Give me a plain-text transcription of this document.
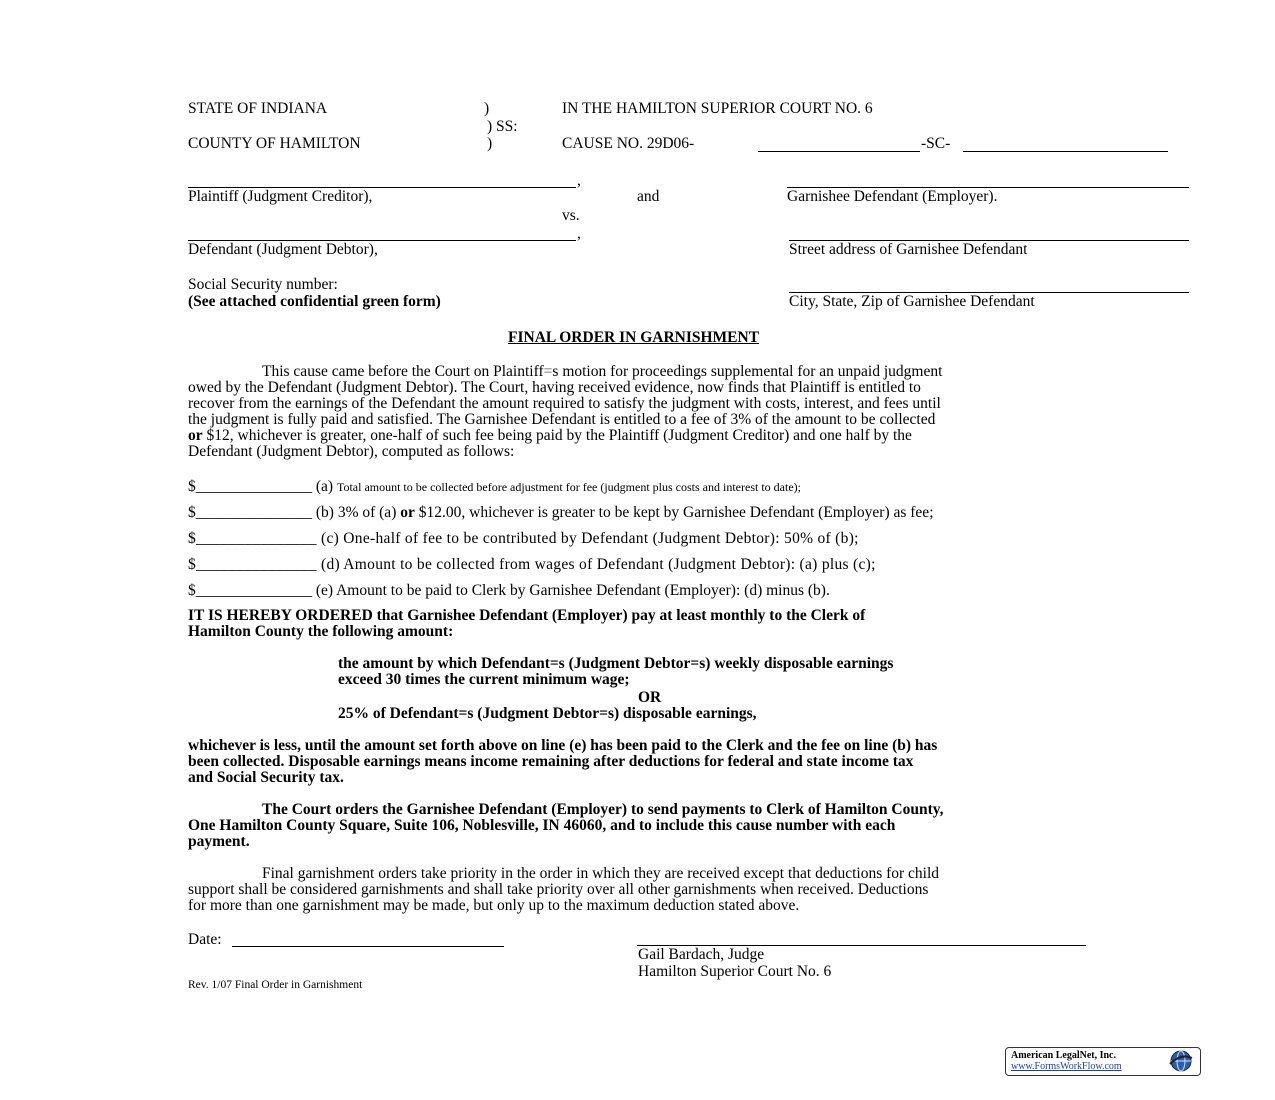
STATE OF INDIANA	)
) SS:
COUNTY OF HAMILTON	)
IN THE HAMILTON SUPERIOR COURT NO. 6
CAUSE NO. 29D06-	-SC-
,
Plaintiff (Judgment Creditor),	and	Garnishee Defendant (Employer).
vs.
,
Defendant (Judgment Debtor),	Street address of Garnishee Defendant
Social Security number:
(See attached confidential green form)	City, State, Zip of Garnishee Defendant
FINAL ORDER IN GARNISHMENT
This cause came before the Court on Plaintiff=s motion for proceedings supplemental for an unpaid judgment
owed by the Defendant (Judgment Debtor). The Court, having received evidence, now finds that Plaintiff is entitled to
recover from the earnings of the Defendant the amount required to satisfy the judgment with costs, interest, and fees until
the judgment is fully paid and satisfied. The Garnishee Defendant is entitled to a fee of 3% of the amount to be collected
or $12, whichever is greater, one-half of such fee being paid by the Plaintiff (Judgment Creditor) and one half by the
Defendant (Judgment Debtor), computed as follows:
$_______________ (a) Total amount to be collected before adjustment for fee (judgment plus costs and interest to date);
$_______________ (b) 3% of (a) or $12.00, whichever is greater to be kept by Garnishee Defendant (Employer) as fee;
$_______________ (c) One-half of fee to be contributed by Defendant (Judgment Debtor): 50% of (b);
$_______________ (d) Amount to be collected from wages of Defendant (Judgment Debtor): (a) plus (c);
$_______________ (e) Amount to be paid to Clerk by Garnishee Defendant (Employer): (d) minus (b).
IT IS HEREBY ORDERED that Garnishee Defendant (Employer) pay at least monthly to the Clerk of
Hamilton County the following amount:
the amount by which Defendant=s (Judgment Debtor=s) weekly disposable earnings
exceed 30 times the current minimum wage;
OR
25% of Defendant=s (Judgment Debtor=s) disposable earnings,
whichever is less, until the amount set forth above on line (e) has been paid to the Clerk and the fee on line (b) has
been collected. Disposable earnings means income remaining after deductions for federal and state income tax
and Social Security tax.
The Court orders the Garnishee Defendant (Employer) to send payments to Clerk of Hamilton County,
One Hamilton County Square, Suite 106, Noblesville, IN 46060, and to include this cause number with each
payment.
Final garnishment orders take priority in the order in which they are received except that deductions for child
support shall be considered garnishments and shall take priority over all other garnishments when received. Deductions
for more than one garnishment may be made, but only up to the maximum deduction stated above.
Date:
Gail Bardach, Judge
Hamilton Superior Court No. 6
Rev. 1/07 Final Order in Garnishment
American LegalNet, Inc.
www.FormsWorkFlow.com
